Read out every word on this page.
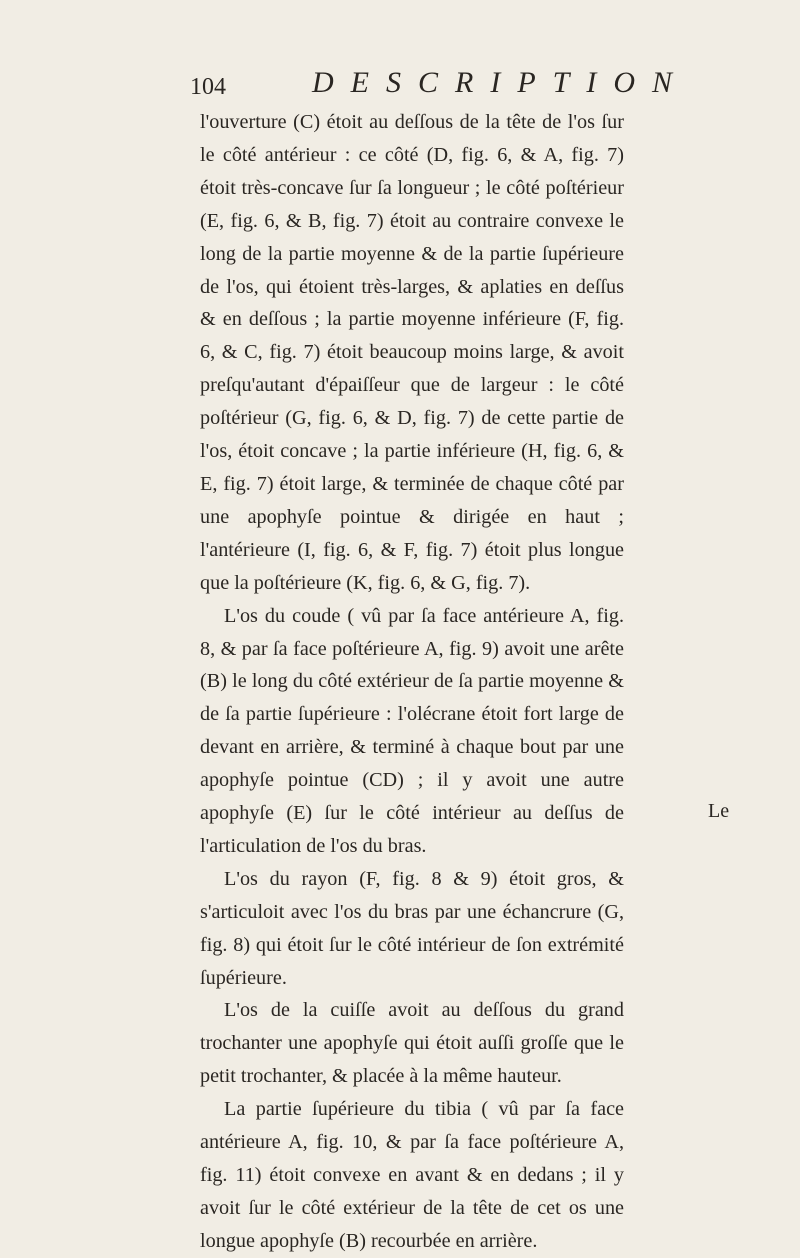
104	DESCRIPTION

l'ouverture (C) étoit au deſſous de la tête de l'os ſur le côté antérieur : ce côté (D, fig. 6, & A, fig. 7) étoit très-concave ſur ſa longueur ; le côté poſtérieur (E, fig. 6, & B, fig. 7) étoit au contraire convexe le long de la partie moyenne & de la partie ſupérieure de l'os, qui étoient très-larges, & aplaties en deſſus & en deſſous ; la partie moyenne inférieure (F, fig. 6, & C, fig. 7) étoit beaucoup moins large, & avoit preſqu'autant d'épaiſſeur que de largeur : le côté poſtérieur (G, fig. 6, & D, fig. 7) de cette partie de l'os, étoit concave ; la partie inférieure (H, fig. 6, & E, fig. 7) étoit large, & terminée de chaque côté par une apophyſe pointue & dirigée en haut ; l'antérieure (I, fig. 6, & F, fig. 7) étoit plus longue que la poſtérieure (K, fig. 6, & G, fig. 7).

L'os du coude ( vû par ſa face antérieure A, fig. 8, & par ſa face poſtérieure A, fig. 9) avoit une arête (B) le long du côté extérieur de ſa partie moyenne & de ſa partie ſupérieure : l'olécrane étoit fort large de devant en arrière, & terminé à chaque bout par une apophyſe pointue (CD) ; il y avoit une autre apophyſe (E) ſur le côté intérieur au deſſus de l'articulation de l'os du bras.

L'os du rayon (F, fig. 8 & 9) étoit gros, & s'articuloit avec l'os du bras par une échancrure (G, fig. 8) qui étoit ſur le côté intérieur de ſon extrémité ſupérieure.

L'os de la cuiſſe avoit au deſſous du grand trochanter une apophyſe qui étoit auſſi groſſe que le petit trochanter, & placée à la même hauteur.

La partie ſupérieure du tibia ( vû par ſa face antérieure A, fig. 10, & par ſa face poſtérieure A, fig. 11) étoit convexe en avant & en dedans ; il y avoit ſur le côté extérieur de la tête de cet os une longue apophyſe (B) recourbée en arrière.

Le
